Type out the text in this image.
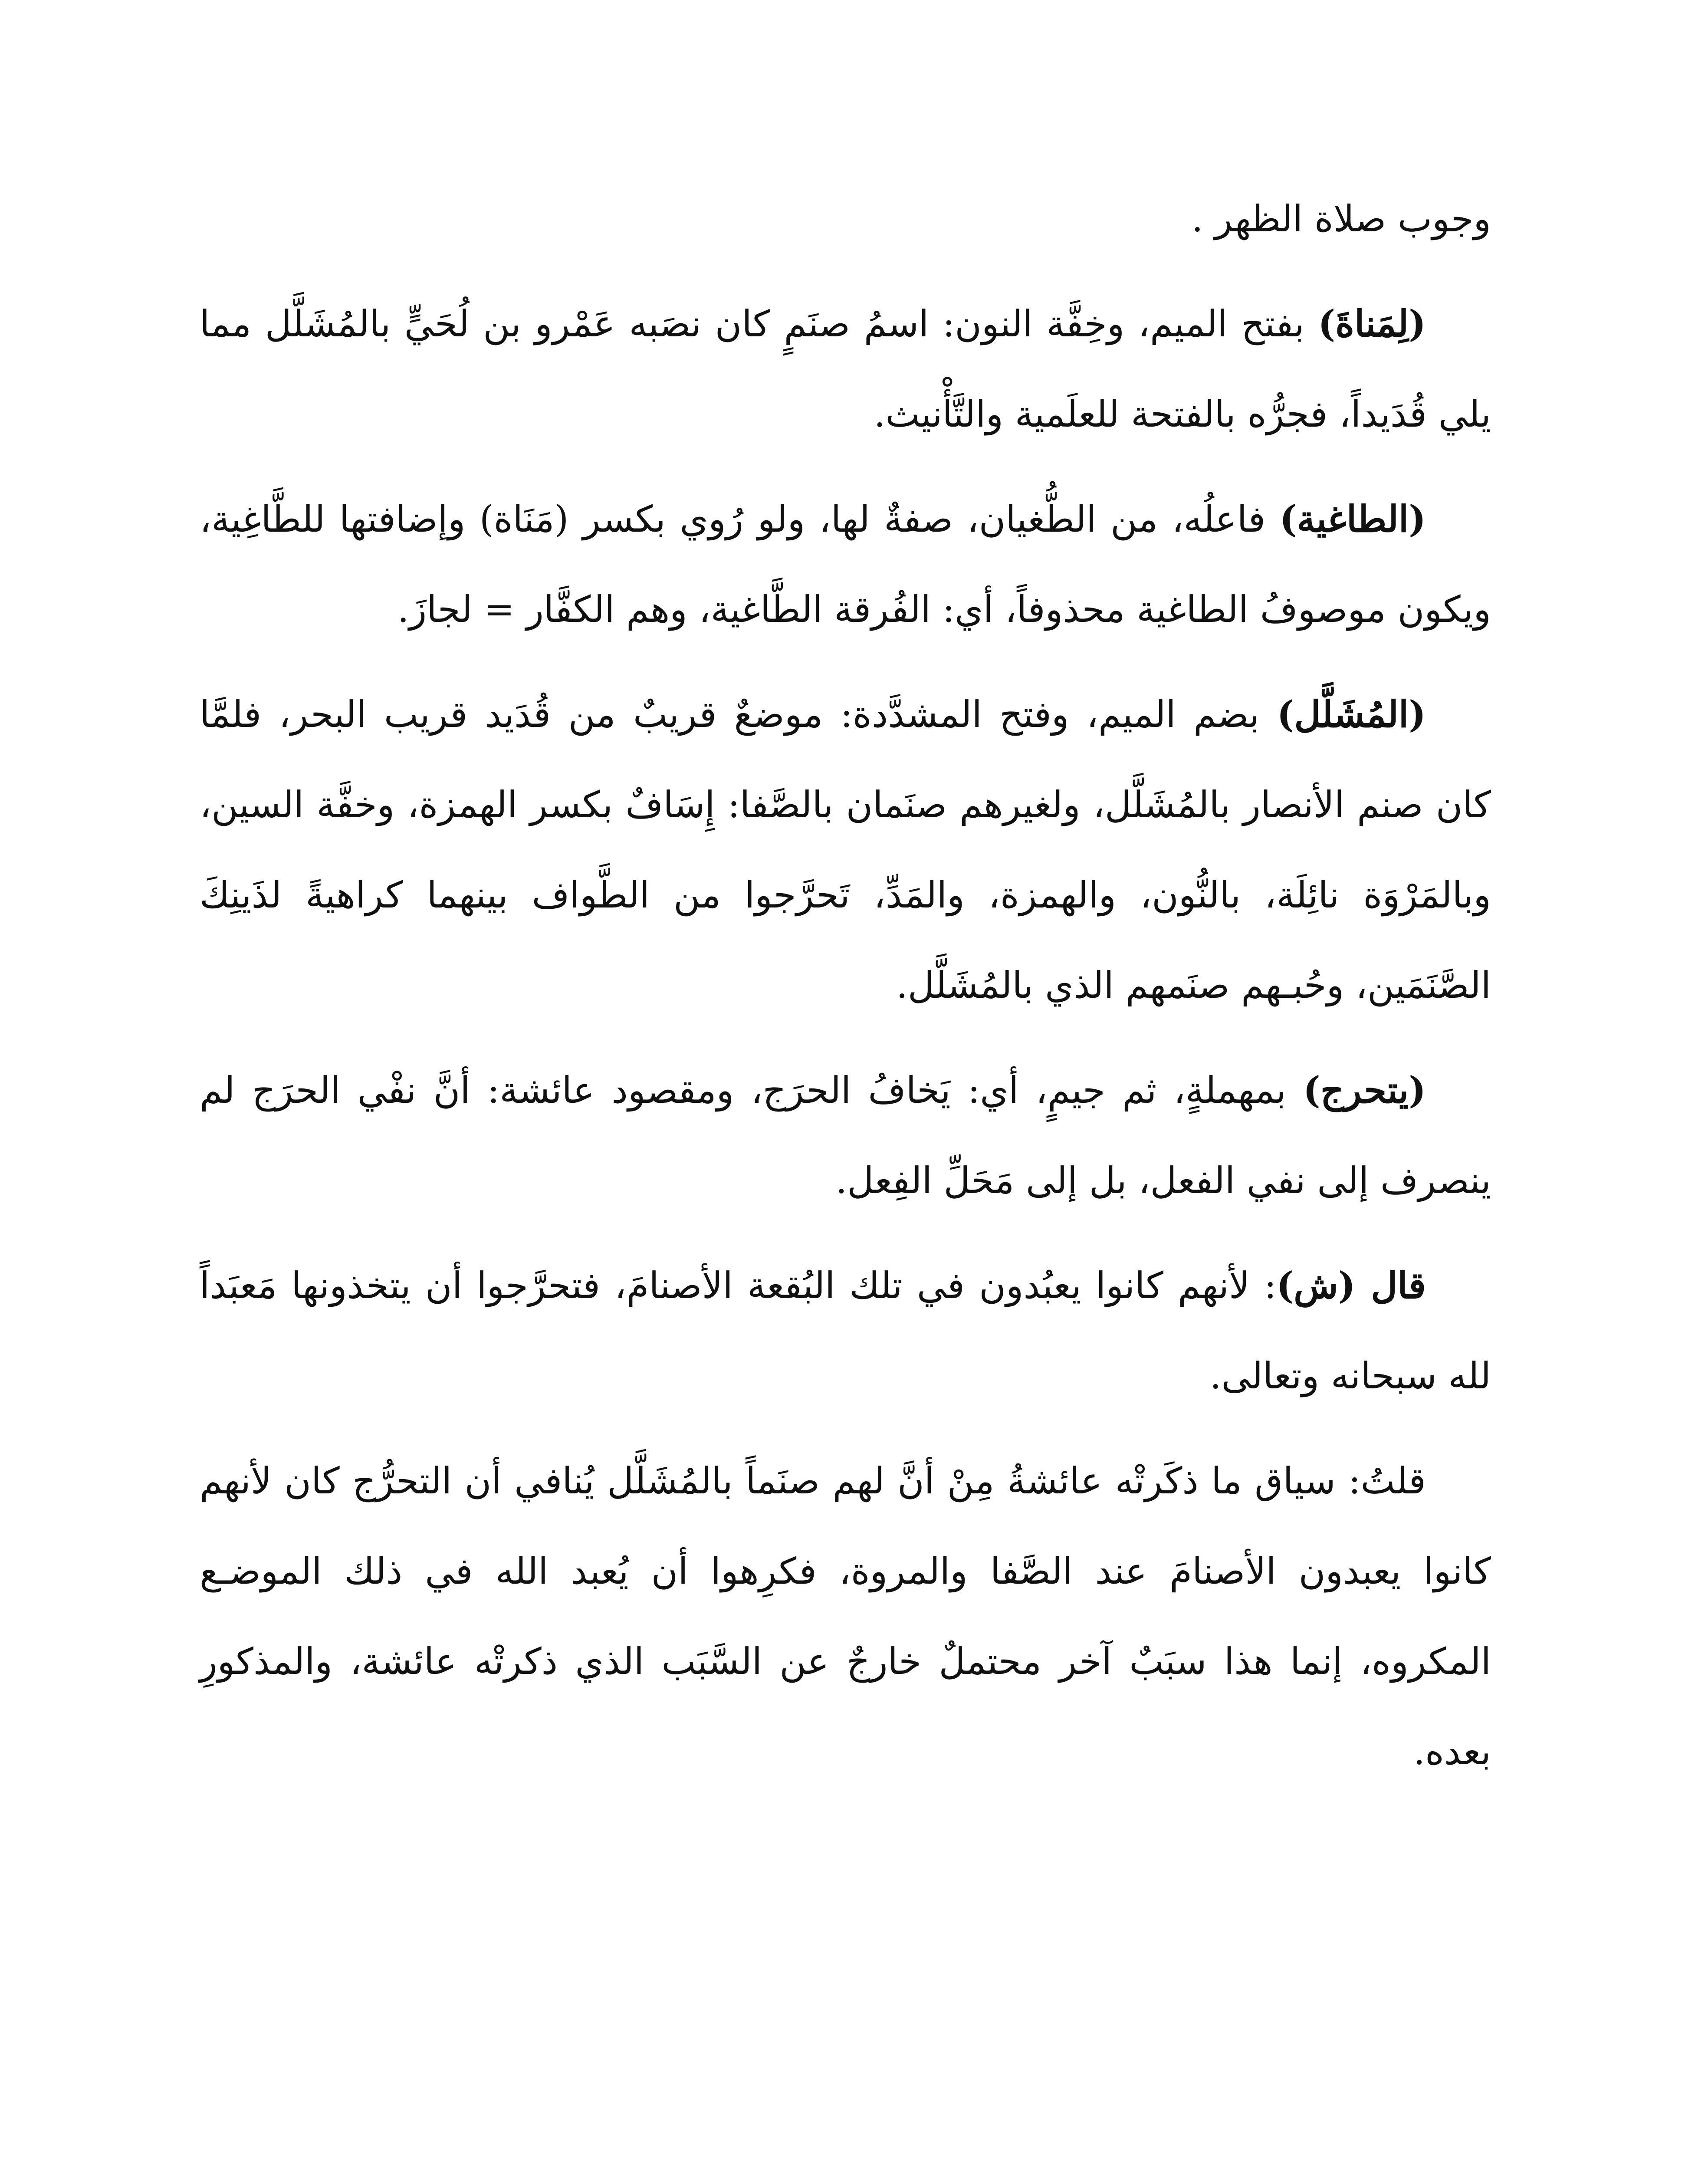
وجوب صلاة الظهر .

(لِمَناةَ) بفتح الميم، وخِفَّة النون: اسمُ صنَمٍ كان نصَبه عَمْرو بن لُحَيٍّ بالمُشَلَّل مما يلي قُدَيداً، فجرُّه بالفتحة للعلَمية والتَّأْنيث.

(الطاغية) فاعلُه، من الطُّغيان، صفةٌ لها، ولو رُوي بكسر (مَنَاة) وإضافتها للطَّاغِية، ويكون موصوفُ الطاغية محذوفاً، أي: الفُرقة الطَّاغية، وهم الكفَّار = لجازَ.

(المُشَلَّل) بضم الميم، وفتح المشدَّدة: موضعٌ قريبٌ من قُدَيد قريب البحر، فلمَّا كان صنم الأنصار بالمُشَلَّل، ولغيرهم صنَمان بالصَّفا: إِسَافٌ بكسر الهمزة، وخفَّة السين، وبالمَرْوَة نائِلَة، بالنُّون، والهمزة، والمَدِّ، تَحرَّجوا من الطَّواف بينهما كراهيةً لذَينِكَ الصَّنَمَين، وحُبـهم صنَمهم الذي بالمُشَلَّل.

(يتحرج) بمهملةٍ، ثم جيمٍ، أي: يَخافُ الحرَج، ومقصود عائشة: أنَّ نفْي الحرَج لم ينصرف إلى نفي الفعل، بل إلى مَحَلِّ الفِعل.

قال (ش): لأنهم كانوا يعبُدون في تلك البُقعة الأصنامَ، فتحرَّجوا أن يتخذونها مَعبَداً لله سبحانه وتعالى.

قلتُ: سياق ما ذكَرتْه عائشةُ مِنْ أنَّ لهم صنَماً بالمُشَلَّل يُنافي أن التحرُّج كان لأنهم كانوا يعبدون الأصنامَ عند الصَّفا والمروة، فكرِهوا أن يُعبد الله في ذلك الموضـع المكروه، إنما هذا سبَبٌ آخر محتملٌ خارجٌ عن السَّبَب الذي ذكرتْه عائشة، والمذكورِ بعده.
